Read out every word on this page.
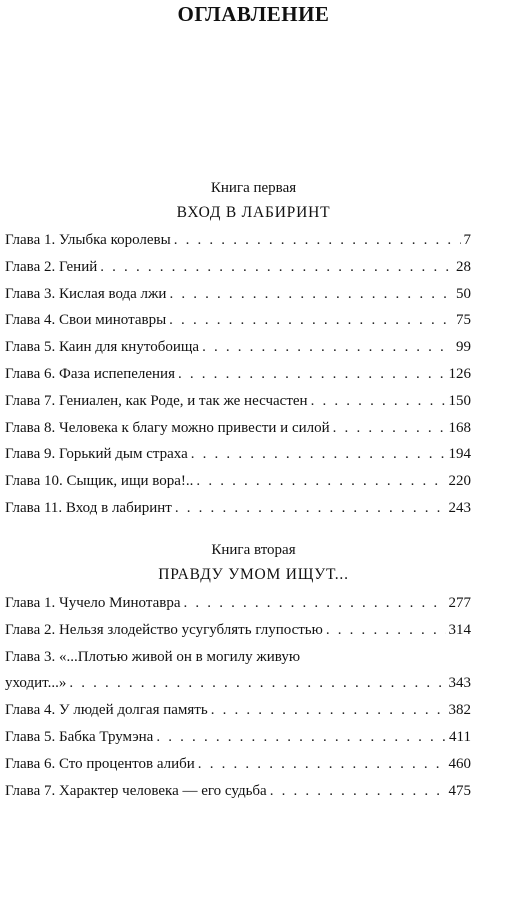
ОГЛАВЛЕНИЕ
Книга первая
ВХОД В ЛАБИРИНТ
Глава 1. Улыбка королевы . . .	7
Глава 2. Гений . . .	28
Глава 3. Кислая вода лжи . . .	50
Глава 4. Свои минотавры . . .	75
Глава 5. Каин для кнутобоища . . .	99
Глава 6. Фаза испепеления . . .	126
Глава 7. Гениален, как Роде, и так же несчастен . . .	150
Глава 8. Человека к благу можно привести и силой . . .	168
Глава 9. Горький дым страха . . .	194
Глава 10. Сыщик, ищи вора!.. . . .	220
Глава 11. Вход в лабиринт . . .	243
Книга вторая
ПРАВДУ УМОМ ИЩУТ...
Глава 1. Чучело Минотавра . . .	277
Глава 2. Нельзя злодейство усугублять глупостью . . .	314
Глава 3. «...Плотью живой он в могилу живую
уходит...» . . .	343
Глава 4. У людей долгая память . . .	382
Глава 5. Бабка Трумэна . . .	411
Глава 6. Сто процентов алиби . . .	460
Глава 7. Характер человека — его судьба . . .	475
